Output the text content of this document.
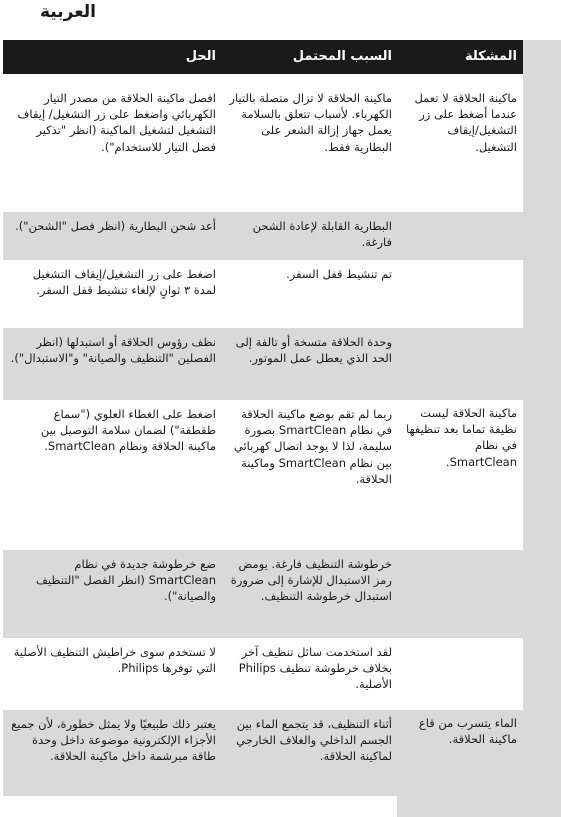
العربية
المشكلة
السبب المحتمل
الحل
ماكينة الحلاقة لا تعمل عندما أضغط على زر التشغيل/إيقاف التشغيل.
ماكينة الحلاقة لا تزال متصلة بالتيار الكهرباء. لأسباب تتعلق بالسلامة يعمل جهاز إزالة الشعر على البطارية فقط.
افصل ماكينة الحلاقة من مصدر التيار الكهربائي واضغط على زر التشغيل/ إيقاف التشغيل لتشغيل الماكينة (انظر "تذكير فصل التيار للاستخدام").
البطارية القابلة لإعادة الشحن فارغة.
أعد شحن البطارية (انظر فصل "الشحن").
تم تنشيط قفل السفر.
اضغط على زر التشغيل/إيقاف التشغيل لمدة ٣ ثوانٍ لإلغاء تنشيط قفل السفر.
وحدة الحلاقة متسخة أو تالفة إلى الحد الذي يعطل عمل الموتور.
نظف رؤوس الحلاقة أو استبدلها (انظر الفصلين "التنظيف والصيانة" و"الاستبدال").
ماكينة الحلاقة ليست نظيفة تماما بعد تنظيفها في نظام SmartClean.
ربما لم تقم بوضع ماكينة الحلاقة في نظام SmartClean بصورة سليمة، لذا لا يوجد اتصال كهربائي بين نظام SmartClean وماكينة الحلاقة.
اضغط على الغطاء العلوي ("سماع طقطقة") لضمان سلامة التوصيل بين ماكينة الحلاقة ونظام SmartClean.
خرطوشة التنظيف فارغة. يومض رمز الاستبدال للإشارة إلى ضرورة استبدال خرطوشة التنظيف.
ضع خرطوشة جديدة في نظام SmartClean (انظر الفصل "التنظيف والصيانة").
لقد استخدمت سائل تنظيف آخر بخلاف خرطوشة تنظيف Philips الأصلية.
لا تستخدم سوى خراطيش التنظيف الأصلية التي توفرها Philips.
الماء يتسرب من قاع ماكينة الحلاقة.
أثناء التنظيف، قد يتجمع الماء بين الجسم الداخلي والغلاف الخارجي لماكينة الحلاقة.
يعتبر ذلك طبيعيًا ولا يمثل خطورة، لأن جميع الأجزاء الإلكترونية موضوعة داخل وحدة طاقة مبرشمة داخل ماكينة الحلاقة.
